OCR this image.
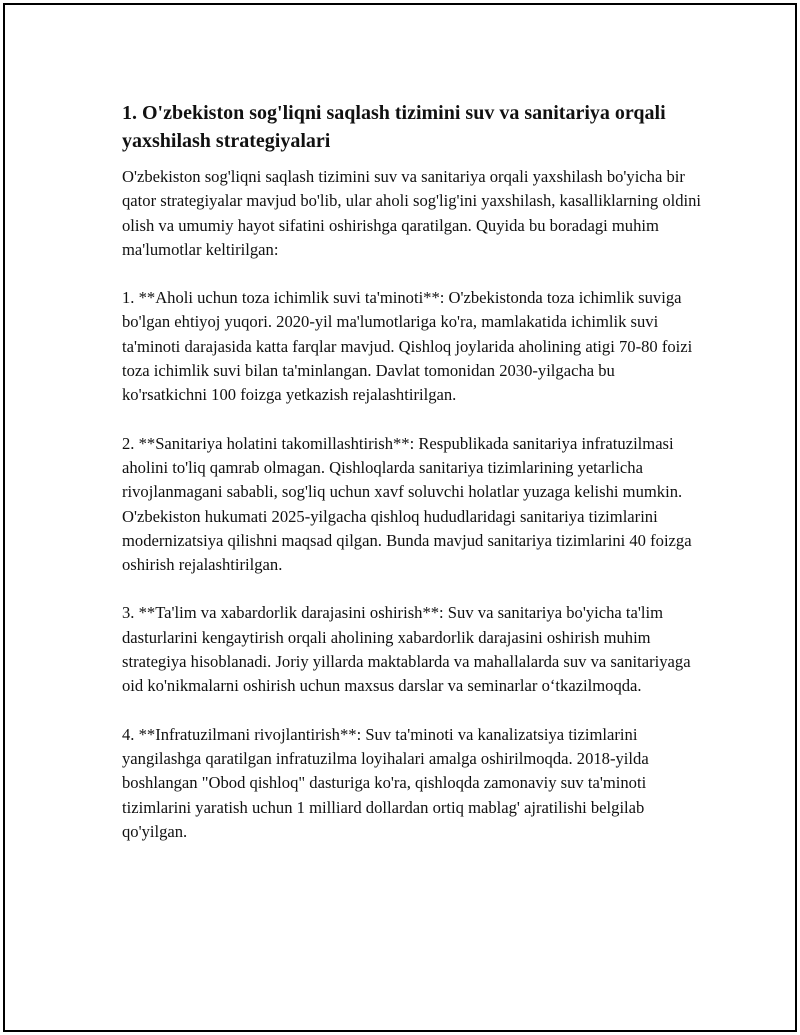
1. O'zbekiston sog'liqni saqlash tizimini suv va sanitariya orqali yaxshilash strategiyalari

O'zbekiston sog'liqni saqlash tizimini suv va sanitariya orqali yaxshilash bo'yicha bir qator strategiyalar mavjud bo'lib, ular aholi sog'lig'ini yaxshilash, kasalliklarning oldini olish va umumiy hayot sifatini oshirishga qaratilgan. Quyida bu boradagi muhim ma'lumotlar keltirilgan:

1. **Aholi uchun toza ichimlik suvi ta'minoti**: O'zbekistonda toza ichimlik suviga bo'lgan ehtiyoj yuqori. 2020-yil ma'lumotlariga ko'ra, mamlakatida ichimlik suvi ta'minoti darajasida katta farqlar mavjud. Qishloq joylarida aholining atigi 70-80 foizi toza ichimlik suvi bilan ta'minlangan. Davlat tomonidan 2030-yilgacha bu ko'rsatkichni 100 foizga yetkazish rejalashtirilgan.

2. **Sanitariya holatini takomillashtirish**: Respublikada sanitariya infratuzilmasi aholini to'liq qamrab olmagan. Qishloqlarda sanitariya tizimlarining yetarlicha rivojlanmagani sababli, sog'liq uchun xavf soluvchi holatlar yuzaga kelishi mumkin. O'zbekiston hukumati 2025-yilgacha qishloq hududlaridagi sanitariya tizimlarini modernizatsiya qilishni maqsad qilgan. Bunda mavjud sanitariya tizimlarini 40 foizga oshirish rejalashtirilgan.

3. **Ta'lim va xabardorlik darajasini oshirish**: Suv va sanitariya bo'yicha ta'lim dasturlarini kengaytirish orqali aholining xabardorlik darajasini oshirish muhim strategiya hisoblanadi. Joriy yillarda maktablarda va mahallalarda suv va sanitariyaga oid ko'nikmalarni oshirish uchun maxsus darslar va seminarlar o‘tkazilmoqda.

4. **Infratuzilmani rivojlantirish**: Suv ta'minoti va kanalizatsiya tizimlarini yangilashga qaratilgan infratuzilma loyihalari amalga oshirilmoqda. 2018-yilda boshlangan "Obod qishloq" dasturiga ko'ra, qishloqda zamonaviy suv ta'minoti tizimlarini yaratish uchun 1 milliard dollardan ortiq mablag' ajratilishi belgilab qo'yilgan.
